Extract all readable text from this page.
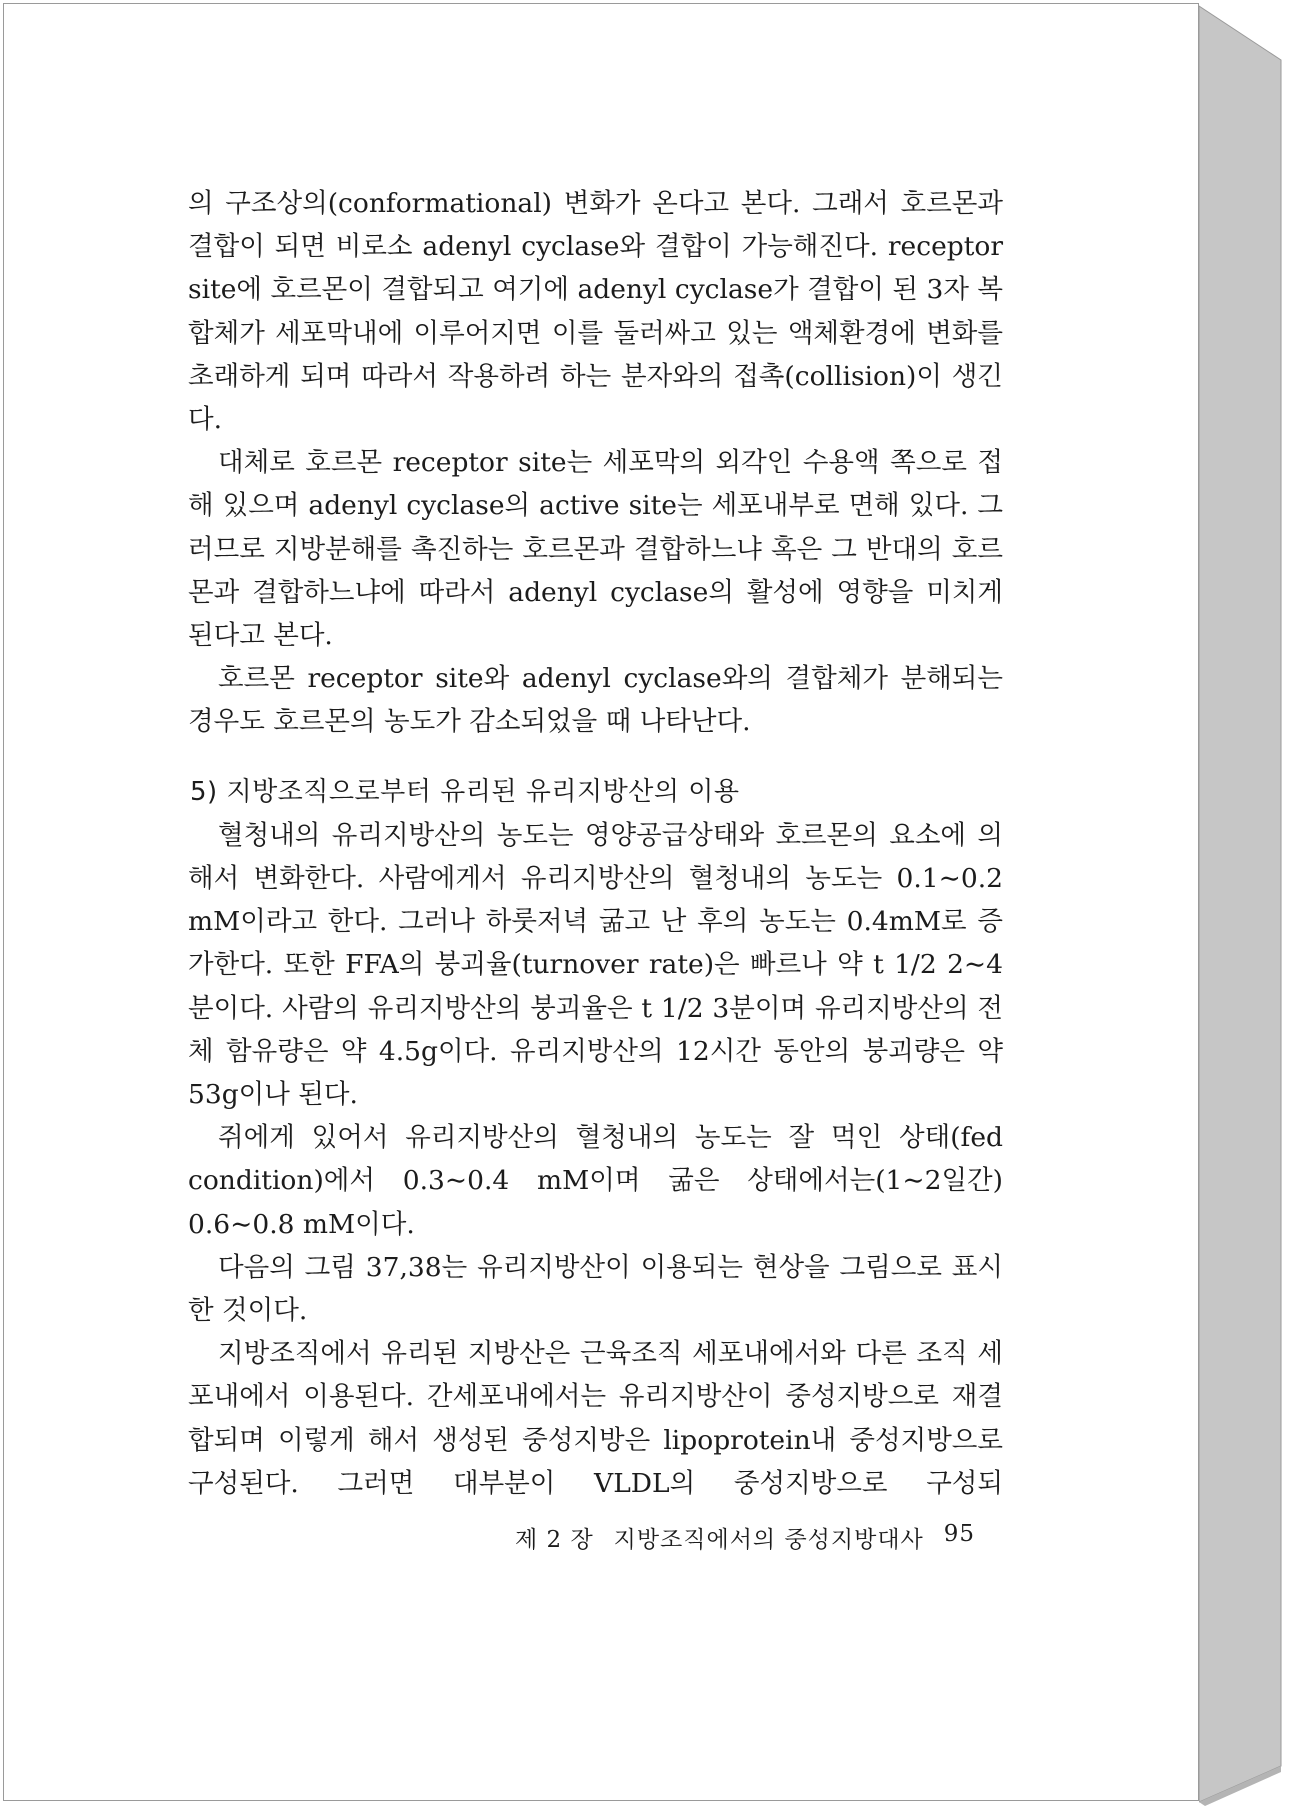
의 구조상의(conformational) 변화가 온다고 본다. 그래서 호르몬과 결합이 되면 비로소 adenyl cyclase와 결합이 가능해진다. receptor site에 호르몬이 결합되고 여기에 adenyl cyclase가 결합이 된 3자 복합체가 세포막내에 이루어지면 이를 둘러싸고 있는 액체환경에 변화를 초래하게 되며 따라서 작용하려 하는 분자와의 접촉(collision)이 생긴다.

대체로 호르몬 receptor site는 세포막의 외각인 수용액 쪽으로 접해 있으며 adenyl cyclase의 active site는 세포내부로 면해 있다. 그러므로 지방분해를 촉진하는 호르몬과 결합하느냐 혹은 그 반대의 호르몬과 결합하느냐에 따라서 adenyl cyclase의 활성에 영향을 미치게 된다고 본다.

호르몬 receptor site와 adenyl cyclase와의 결합체가 분해되는 경우도 호르몬의 농도가 감소되었을 때 나타난다.

5) 지방조직으로부터 유리된 유리지방산의 이용

혈청내의 유리지방산의 농도는 영양공급상태와 호르몬의 요소에 의해서 변화한다. 사람에게서 유리지방산의 혈청내의 농도는 0.1∼0.2 mM이라고 한다. 그러나 하룻저녁 굶고 난 후의 농도는 0.4mM로 증가한다. 또한 FFA의 붕괴율(turnover rate)은 빠르나 약 t 1/2 2∼4분이다. 사람의 유리지방산의 붕괴율은 t 1/2 3분이며 유리지방산의 전체 함유량은 약 4.5g이다. 유리지방산의 12시간 동안의 붕괴량은 약 53g이나 된다.

쥐에게 있어서 유리지방산의 혈청내의 농도는 잘 먹인 상태(fed condition)에서 0.3∼0.4 mM이며 굶은 상태에서는(1∼2일간) 0.6∼0.8 mM이다.

다음의 그림 37,38는 유리지방산이 이용되는 현상을 그림으로 표시한 것이다.

지방조직에서 유리된 지방산은 근육조직 세포내에서와 다른 조직 세포내에서 이용된다. 간세포내에서는 유리지방산이 중성지방으로 재결합되며 이렇게 해서 생성된 중성지방은 lipoprotein내 중성지방으로 구성된다. 그러면 대부분이 VLDL의 중성지방으로 구성되

제 2 장 지방조직에서의 중성지방대사 95
